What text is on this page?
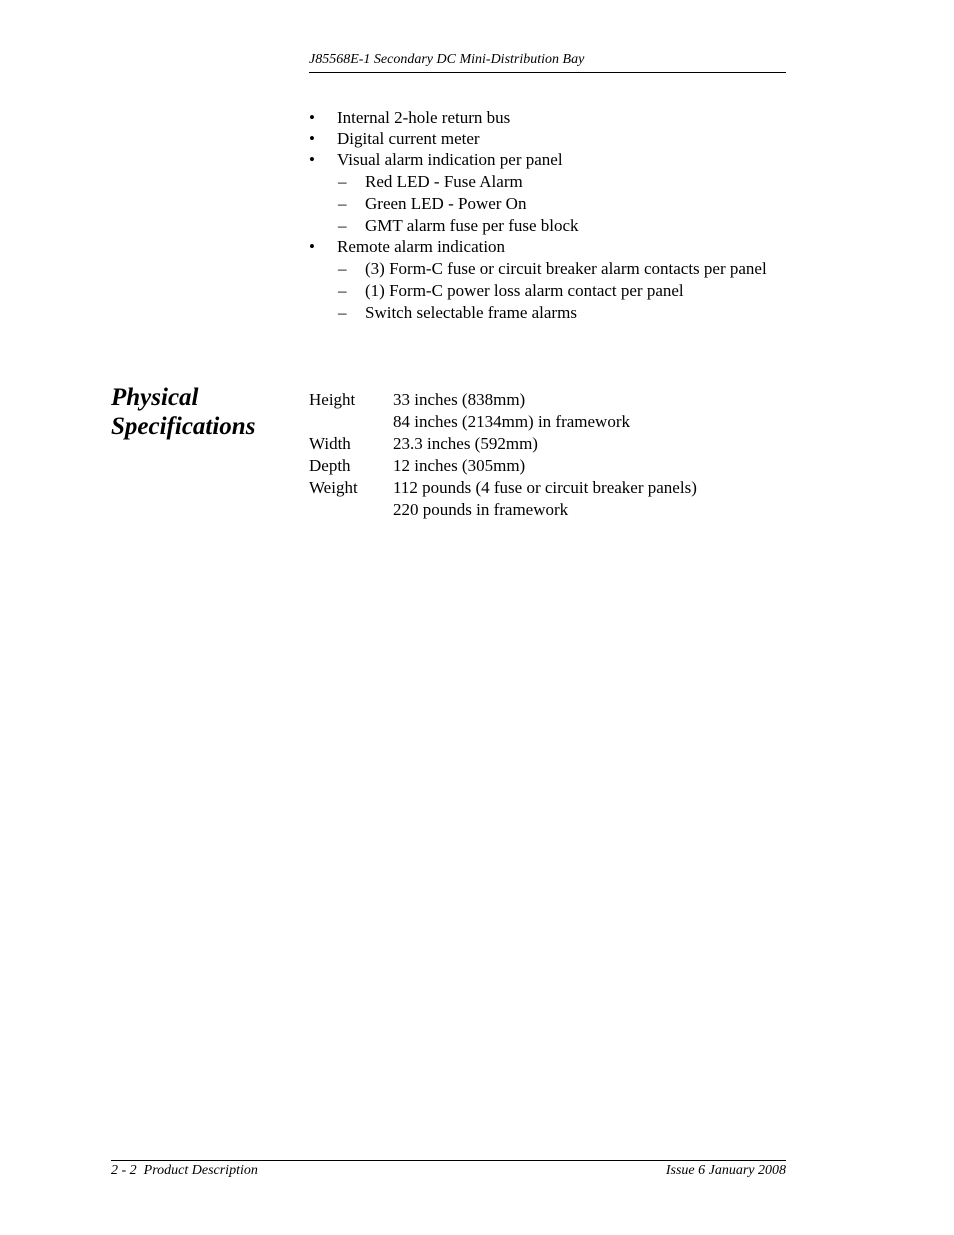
J85568E-1 Secondary DC Mini-Distribution Bay
•	Internal 2-hole return bus
•	Digital current meter
•	Visual alarm indication per panel
–	Red LED - Fuse Alarm
–	Green LED - Power On
–	GMT alarm fuse per fuse block
•	Remote alarm indication
–	(3) Form-C fuse or circuit breaker alarm contacts per panel
–	(1) Form-C power loss alarm contact per panel
–	Switch selectable frame alarms
Physical
Specifications
Height 33 inches (838mm)
84 inches (2134mm) in framework
Width 23.3 inches (592mm)
Depth 12 inches (305mm)
Weight 112 pounds (4 fuse or circuit breaker panels)
220 pounds in framework
2 - 2  Product Description	Issue 6 January 2008
